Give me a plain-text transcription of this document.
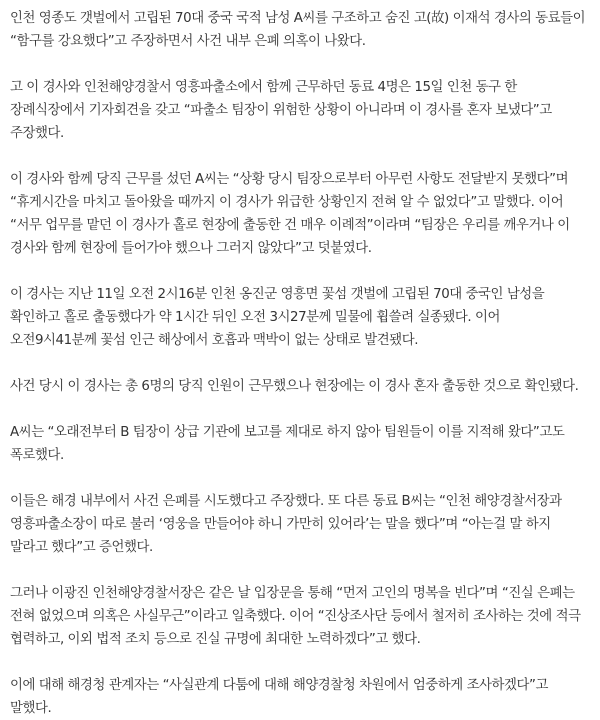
인천 영종도 갯벌에서 고립된 70대 중국 국적 남성 A씨를 구조하고 숨진 고(故) 이재석 경사의 동료들이 “함구를 강요했다”고 주장하면서 사건 내부 은폐 의혹이 나왔다.

고 이 경사와 인천해양경찰서 영흥파출소에서 함께 근무하던 동료 4명은 15일 인천 동구 한 장례식장에서 기자회견을 갖고 “파출소 팀장이 위험한 상황이 아니라며 이 경사를 혼자 보냈다”고 주장했다.

이 경사와 함께 당직 근무를 섰던 A씨는 “상황 당시 팀장으로부터 아무런 사항도 전달받지 못했다”며 “휴게시간을 마치고 돌아왔을 때까지 이 경사가 위급한 상황인지 전혀 알 수 없었다”고 말했다. 이어 “서무 업무를 맡던 이 경사가 홀로 현장에 출동한 건 매우 이례적”이라며 “팀장은 우리를 깨우거나 이 경사와 함께 현장에 들어가야 했으나 그러지 않았다”고 덧붙였다.

이 경사는 지난 11일 오전 2시16분 인천 옹진군 영흥면 꽃섬 갯벌에 고립된 70대 중국인 남성을 확인하고 홀로 출동했다가 약 1시간 뒤인 오전 3시27분께 밀물에 휩쓸려 실종됐다. 이어 오전9시41분께 꽃섬 인근 해상에서 호흡과 맥박이 없는 상태로 발견됐다.

사건 당시 이 경사는 총 6명의 당직 인원이 근무했으나 현장에는 이 경사 혼자 출동한 것으로 확인됐다.

A씨는 “오래전부터 B 팀장이 상급 기관에 보고를 제대로 하지 않아 팀원들이 이를 지적해 왔다”고도 폭로했다.

이들은 해경 내부에서 사건 은폐를 시도했다고 주장했다. 또 다른 동료 B씨는 “인천 해양경찰서장과 영흥파출소장이 따로 불러 ‘영웅을 만들어야 하니 가만히 있어라’는 말을 했다”며 “아는걸 말 하지 말라고 했다”고 증언했다.

그러나 이광진 인천해양경찰서장은 같은 날 입장문을 통해 “먼저 고인의 명복을 빈다”며 “진실 은폐는 전혀 없었으며 의혹은 사실무근”이라고 일축했다. 이어 “진상조사단 등에서 철저히 조사하는 것에 적극 협력하고, 이외 법적 조치 등으로 진실 규명에 최대한 노력하겠다”고 했다.

이에 대해 해경청 관계자는 “사실관계 다툼에 대해 해양경찰청 차원에서 엄중하게 조사하겠다”고 말했다.
